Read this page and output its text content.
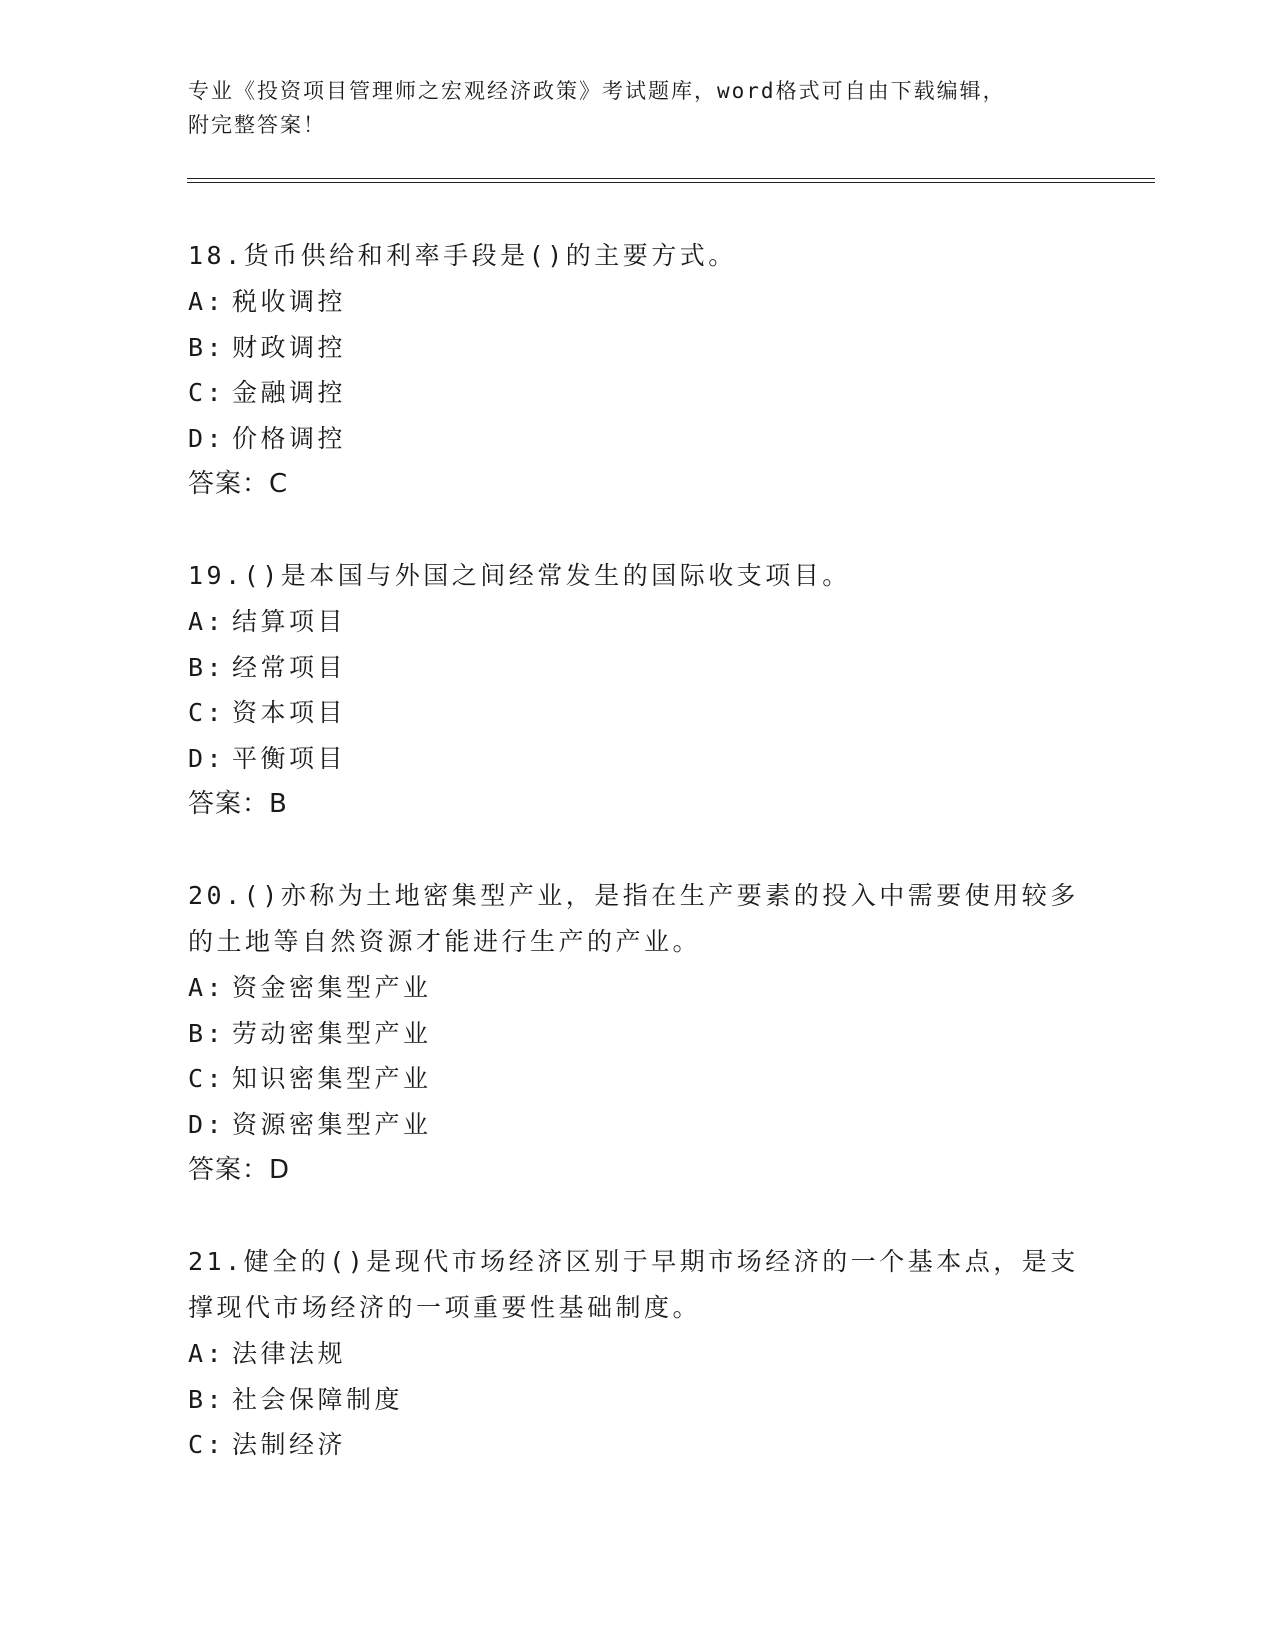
专业《投资项目管理师之宏观经济政策》考试题库，word格式可自由下载编辑，
附完整答案！

18.货币供给和利率手段是()的主要方式。

A: 税收调控

B: 财政调控

C: 金融调控

D: 价格调控

答案：C

19.()是本国与外国之间经常发生的国际收支项目。

A: 结算项目

B: 经常项目

C: 资本项目

D: 平衡项目

答案：B

20.()亦称为土地密集型产业，是指在生产要素的投入中需要使用较多的土地等自然资源才能进行生产的产业。

A: 资金密集型产业

B: 劳动密集型产业

C: 知识密集型产业

D: 资源密集型产业

答案：D

21.健全的()是现代市场经济区别于早期市场经济的一个基本点，是支撑现代市场经济的一项重要性基础制度。

A: 法律法规

B: 社会保障制度

C: 法制经济
